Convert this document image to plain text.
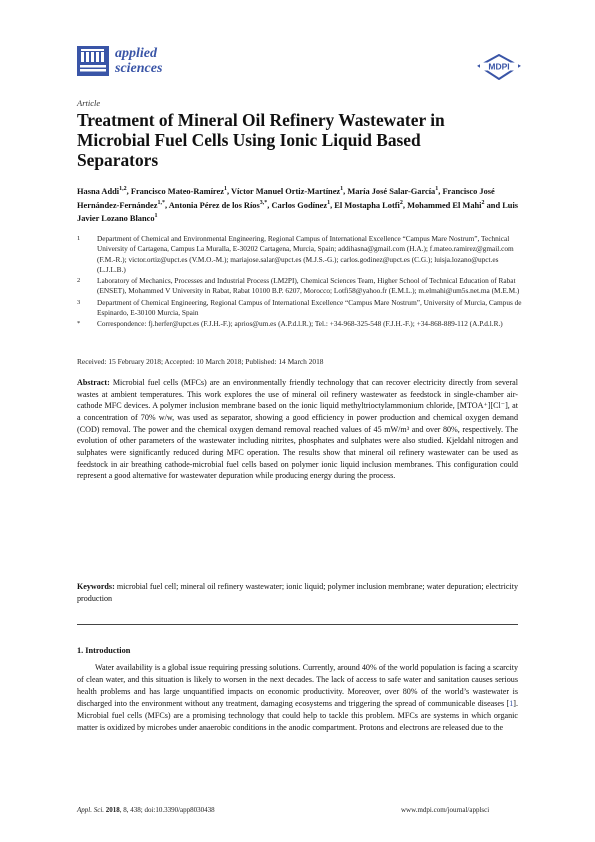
applied
sciences	MDPI
Article
Treatment of Mineral Oil Refinery Wastewater in Microbial Fuel Cells Using Ionic Liquid Based Separators
Hasna Addi$^{1,2}$, Francisco Mateo-Ramírez$^1$, Víctor Manuel Ortiz-Martínez$^1$, María José Salar-García$^1$, Francisco José Hernández-Fernández$^{1,*}$, Antonia Pérez de los Ríos$^{3,*}$, Carlos Godínez$^1$, El Mostapha Lotfi$^2$, Mohammed El Mahi$^2$ and Luis Javier Lozano Blanco$^1$
1	Department of Chemical and Environmental Engineering, Regional Campus of International Excellence “Campus Mare Nostrum”, Technical University of Cartagena, Campus La Muralla, E-30202 Cartagena, Murcia, Spain; addihasna@gmail.com (H.A.); f.mateo.ramirez@gmail.com (F.M.-R.); victor.ortiz@upct.es (V.M.O.-M.); mariajose.salar@upct.es (M.J.S.-G.); carlos.godinez@upct.es (C.G.); luisja.lozano@upct.es (L.J.L.B.)
2	Laboratory of Mechanics, Processes and Industrial Process (LM2PI), Chemical Sciences Team, Higher School of Technical Education of Rabat (ENSET), Mohammed V University in Rabat, Rabat 10100 B.P. 6207, Morocco; Lotfi58@yahoo.fr (E.M.L.); m.elmahi@um5s.net.ma (M.E.M.)
3	Department of Chemical Engineering, Regional Campus of International Excellence “Campus Mare Nostrum”, University of Murcia, Campus de Espinardo, E-30100 Murcia, Spain
*	Correspondence: fj.herfer@upct.es (F.J.H.-F.); aprios@um.es (A.P.d.l.R.); Tel.: +34-968-325-548 (F.J.H.-F.); +34-868-889-112 (A.P.d.l.R.)
Received: 15 February 2018; Accepted: 10 March 2018; Published: 14 March 2018
Abstract: Microbial fuel cells (MFCs) are an environmentally friendly technology that can recover electricity directly from several wastes at ambient temperatures. This work explores the use of mineral oil refinery wastewater as feedstock in single-chamber air-cathode MFC devices. A polymer inclusion membrane based on the ionic liquid methyltrioctylammonium chloride, [MTOA⁺][Cl⁻], at a concentration of 70% w/w, was used as separator, showing a good efficiency in power production and chemical oxygen demand (COD) removal. The power and the chemical oxygen demand removal reached values of 45 mW/m³ and over 80%, respectively. The evolution of other parameters of the wastewater including nitrites, phosphates and sulphates were also studied. Kjeldahl nitrogen and sulphates were significantly reduced during MFC operation. The results show that mineral oil refinery wastewater can be used as feedstock in air breathing cathode-microbial fuel cells based on polymer ionic liquid inclusion membranes. This configuration could represent a good alternative for wastewater depuration while producing energy during the process.
Keywords: microbial fuel cell; mineral oil refinery wastewater; ionic liquid; polymer inclusion membrane; water depuration; electricity production
1. Introduction
Water availability is a global issue requiring pressing solutions. Currently, around 40% of the world population is facing a scarcity of clean water, and this situation is likely to worsen in the next decades. The lack of access to safe water and sanitation causes serious health problems and has large unquantified impacts on economic productivity. Moreover, over 80% of the world’s wastewater is discharged into the environment without any treatment, damaging ecosystems and triggering the spread of communicable diseases [1]. Microbial fuel cells (MFCs) are a promising technology that could help to tackle this problem. MFCs are systems in which organic matter is oxidized by microbes under anaerobic conditions in the anodic compartment. Protons and electrons are released due to the
Appl. Sci. 2018, 8, 438; doi:10.3390/app8030438	www.mdpi.com/journal/applsci
